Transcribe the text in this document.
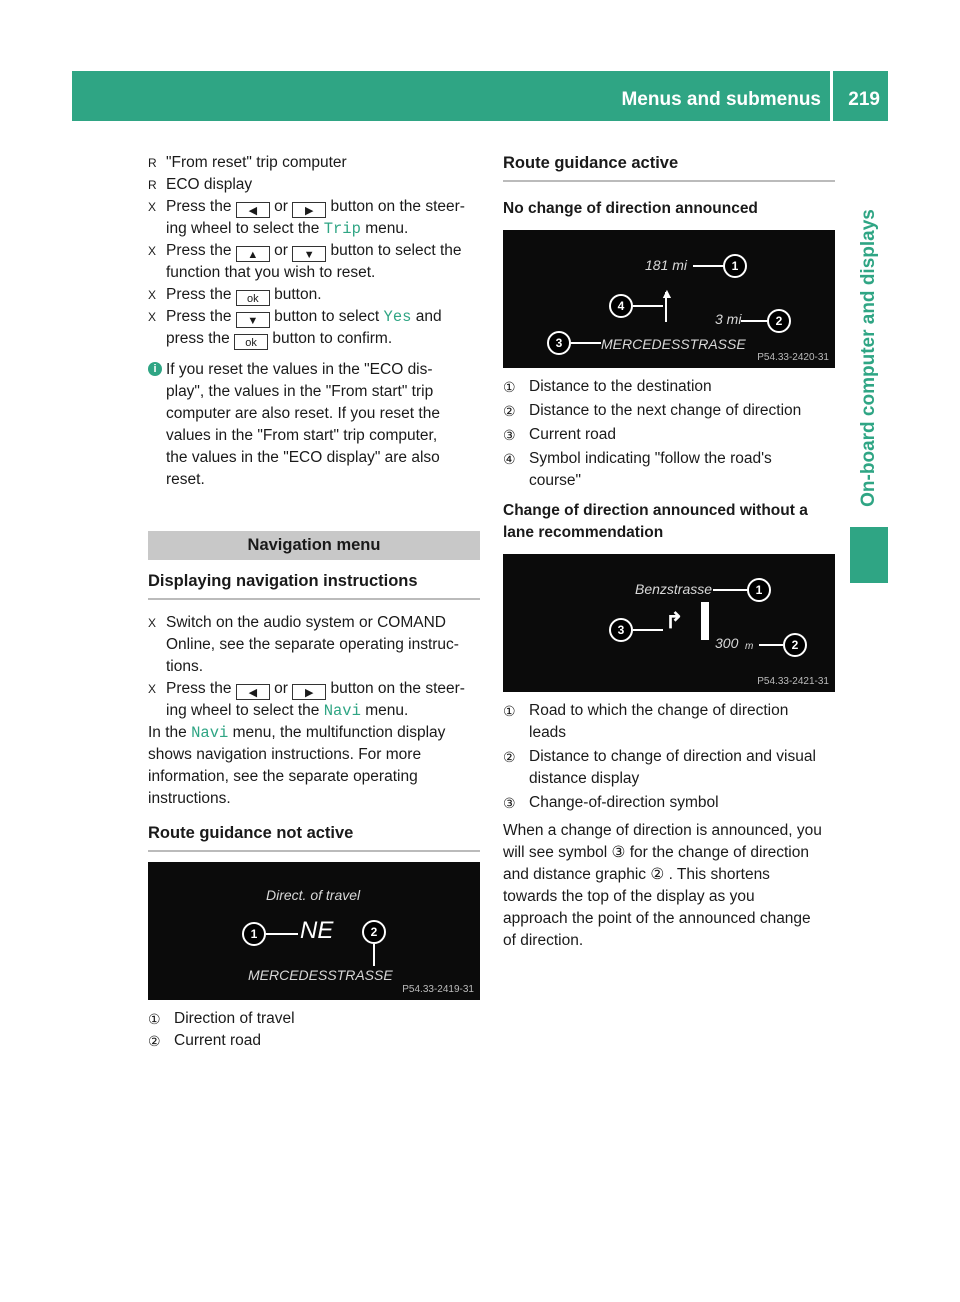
Menus and submenus 219
On-board computer and displays

R "From reset" trip computer

R ECO display

X Press the ◀ or ▶ button on the steer-
ing wheel to select the Trip menu.

X Press the ▲ or ▼ button to select the
function that you wish to reset.

X Press the ok button.

X Press the ▼ button to select Yes and
press the ok button to confirm.

i If you reset the values in the "ECO dis-

play", the values in the "From start" trip

computer are also reset. If you reset the

values in the "From start" trip computer,

the values in the "ECO display" are also

reset.

Navigation menu
Displaying navigation instructions

X Switch on the audio system or COMAND
Online, see the separate operating instruc-
tions.

X Press the ◀ or ▶ button on the steer-
ing wheel to select the Navi menu.

In the Navi menu, the multifunction display
shows navigation instructions. For more
information, see the separate operating
instructions.

Route guidance not active
Direct. of travel
1	NE	2
MERCEDESSTRASSE
P54.33-2419-31

① Direction of travel

② Current road

Route guidance active

No change of direction announced

181 mi	1
4
▲
3 mi	2
3	MERCEDESSTRASSE
P54.33-2420-31

① Distance to the destination

② Distance to the next change of direction

③ Current road

④ Symbol indicating "follow the road's
course"

Change of direction announced without a
lane recommendation

Benzstrasse	1
3	↱
300 m	2
P54.33-2421-31

① Road to which the change of direction
leads

② Distance to change of direction and visual
distance display

③ Change-of-direction symbol

When a change of direction is announced, you
will see symbol ③ for the change of direction
and distance graphic ② . This shortens
towards the top of the display as you
approach the point of the announced change
of direction.
